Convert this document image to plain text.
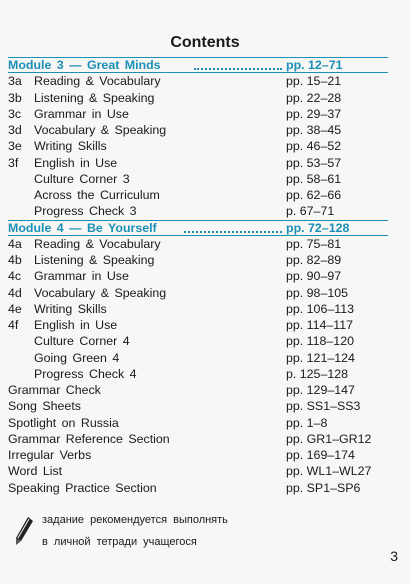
Contents
Module 3 — Great Minds	pp. 12–71
3a Reading & Vocabulary	pp. 15–21
3b Listening & Speaking	pp. 22–28
3c Grammar in Use	pp. 29–37
3d Vocabulary & Speaking	pp. 38–45
3e Writing Skills	pp. 46–52
3f English in Use	pp. 53–57
Culture Corner 3	pp. 58–61
Across the Curriculum	pp. 62–66
Progress Check 3	p. 67–71
Module 4 — Be Yourself	pp. 72–128
4a Reading & Vocabulary	pp. 75–81
4b Listening & Speaking	pp. 82–89
4c Grammar in Use	pp. 90–97
4d Vocabulary & Speaking	pp. 98–105
4e Writing Skills	pp. 106–113
4f English in Use	pp. 114–117
Culture Corner 4	pp. 118–120
Going Green 4	pp. 121–124
Progress Check 4	p. 125–128
Grammar Check	pp. 129–147
Song Sheets	pp. SS1–SS3
Spotlight on Russia	pp. 1–8
Grammar Reference Section	pp. GR1–GR12
Irregular Verbs	pp. 169–174
Word List	pp. WL1–WL27
Speaking Practice Section	pp. SP1–SP6
задание рекомендуется выполнять
в личной тетради учащегося
3
